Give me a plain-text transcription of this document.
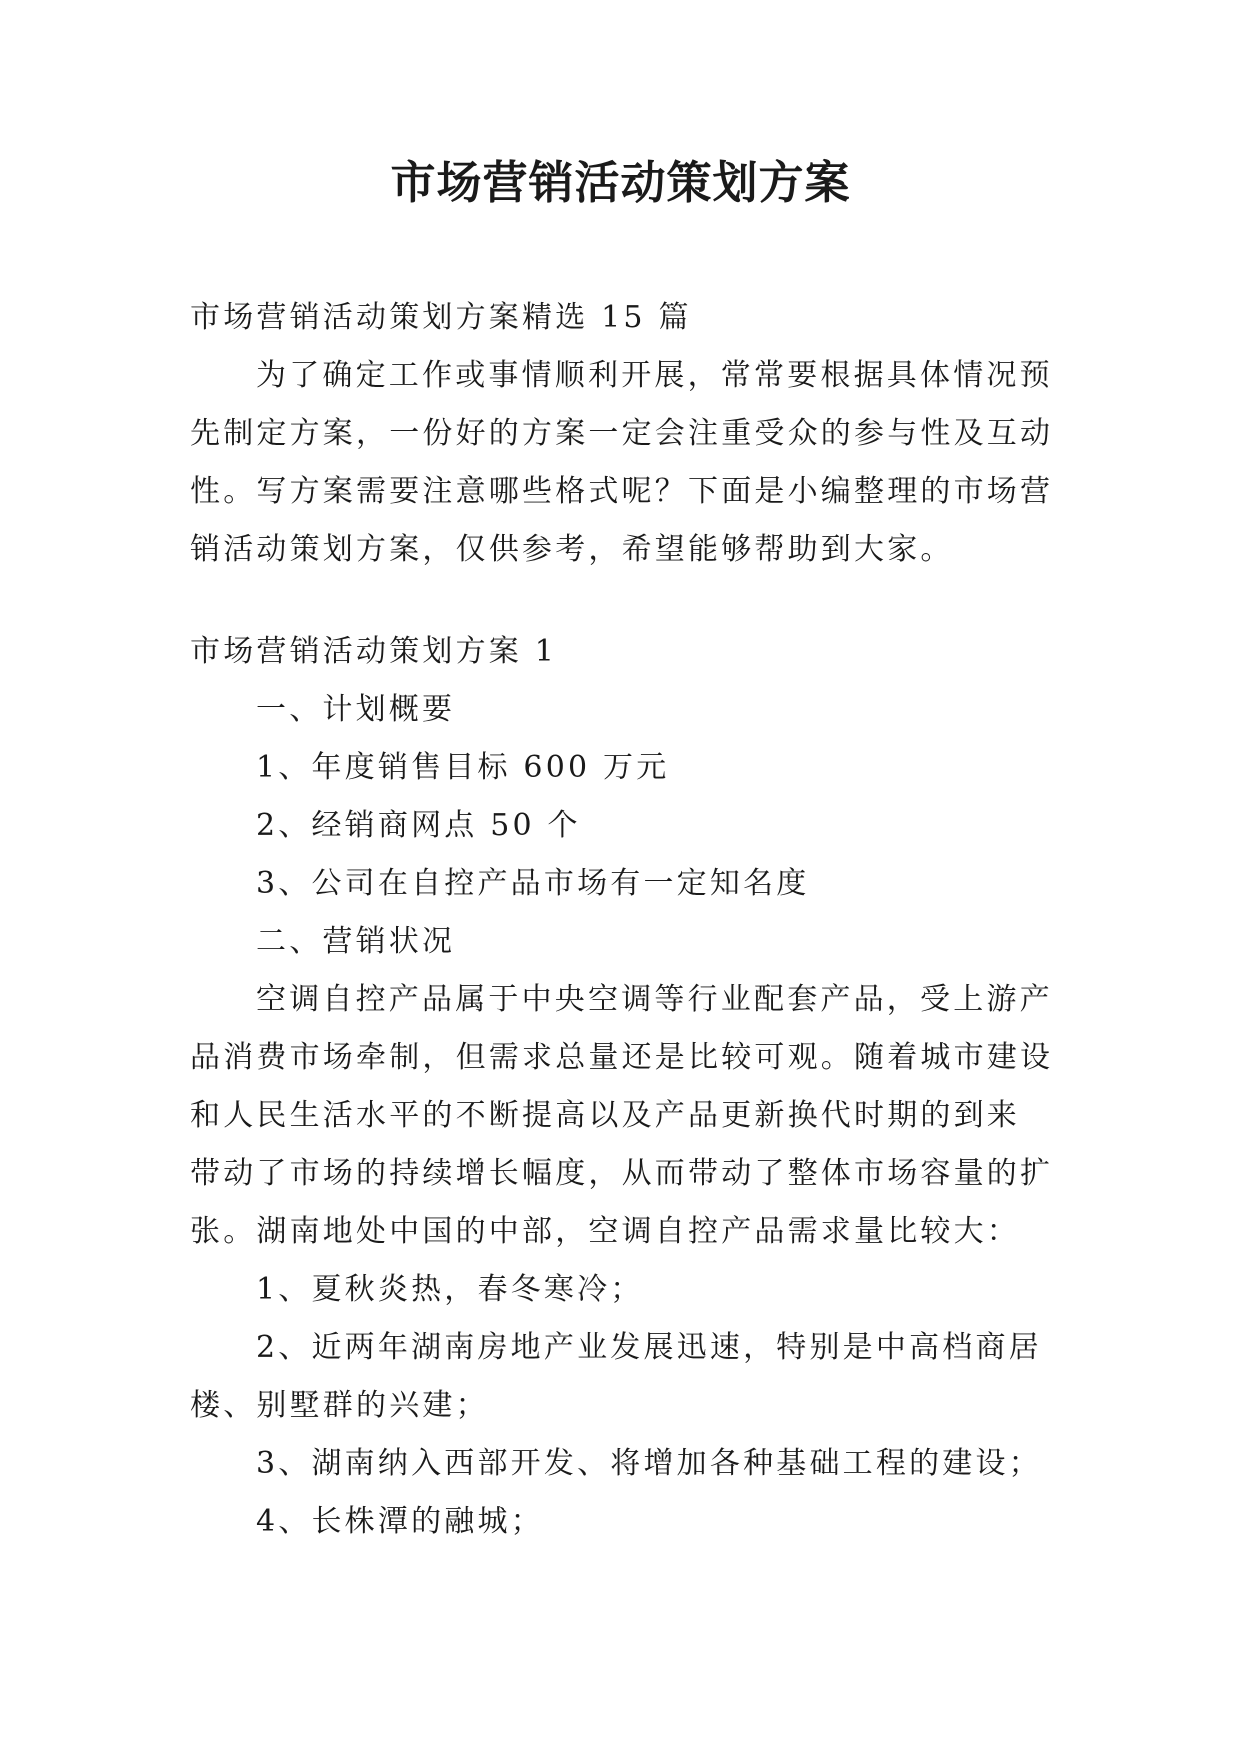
市场营销活动策划方案

市场营销活动策划方案精选 15 篇

为了确定工作或事情顺利开展，常常要根据具体情况预

先制定方案，一份好的方案一定会注重受众的参与性及互动

性。写方案需要注意哪些格式呢？下面是小编整理的市场营

销活动策划方案，仅供参考，希望能够帮助到大家。

市场营销活动策划方案 1

一、计划概要

1、年度销售目标 600 万元

2、经销商网点 50 个

3、公司在自控产品市场有一定知名度

二、营销状况

空调自控产品属于中央空调等行业配套产品，受上游产

品消费市场牵制，但需求总量还是比较可观。随着城市建设

和人民生活水平的不断提高以及产品更新换代时期的到来

带动了市场的持续增长幅度，从而带动了整体市场容量的扩

张。湖南地处中国的中部，空调自控产品需求量比较大：

1、夏秋炎热，春冬寒冷；

2、近两年湖南房地产业发展迅速，特别是中高档商居

楼、别墅群的兴建；

3、湖南纳入西部开发、将增加各种基础工程的建设；

4、长株潭的融城；
